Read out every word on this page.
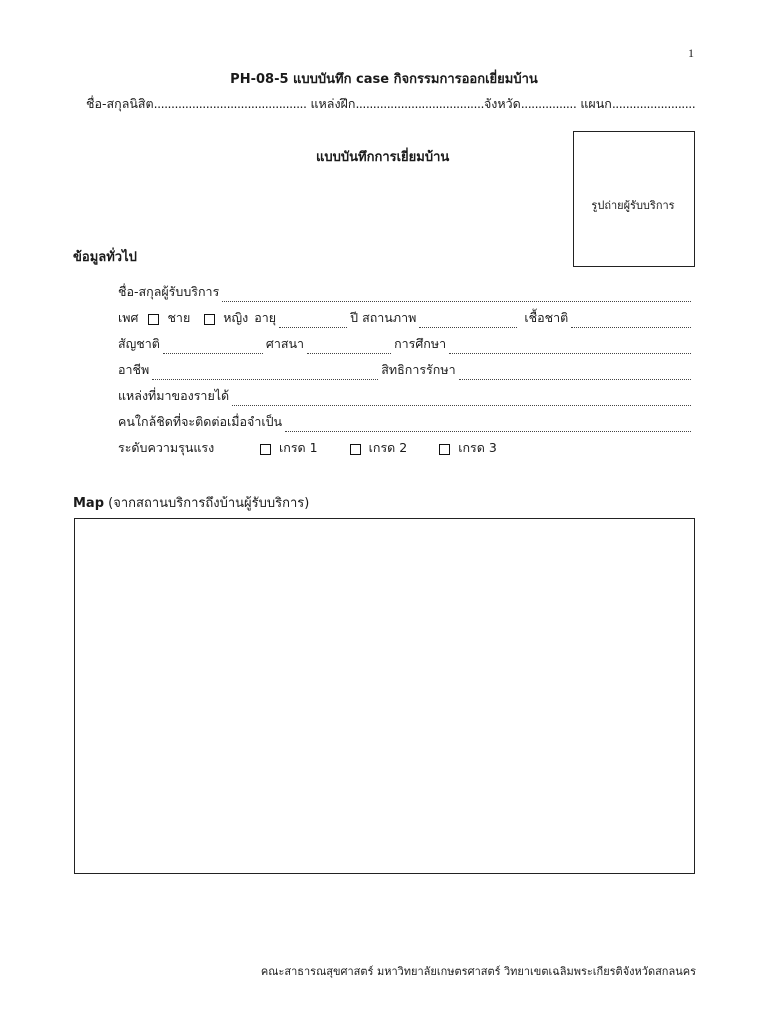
1
PH-08-5 แบบบันทึก case กิจกรรมการออกเยี่ยมบ้าน
ชื่อ-สกุลนิสิต............................................ แหล่งฝึก.....................................จังหวัด................ แผนก........................
แบบบันทึกการเยี่ยมบ้าน
รูปถ่ายผู้รับบริการ
ข้อมูลทั่วไป
ชื่อ-สกุลผู้รับบริการ
เพศ ชาย	หญิง อายุ	ปี สถานภาพ	เชื้อชาติ
สัญชาติ	ศาสนา	การศึกษา
อาชีพ	สิทธิการรักษา
แหล่งที่มาของรายได้
คนใกล้ชิดที่จะติดต่อเมื่อจำเป็น
ระดับความรุนแรง	เกรด 1	เกรด 2	เกรด 3
Map (จากสถานบริการถึงบ้านผู้รับบริการ)
คณะสาธารณสุขศาสตร์ มหาวิทยาลัยเกษตรศาสตร์ วิทยาเขตเฉลิมพระเกียรติจังหวัดสกลนคร
